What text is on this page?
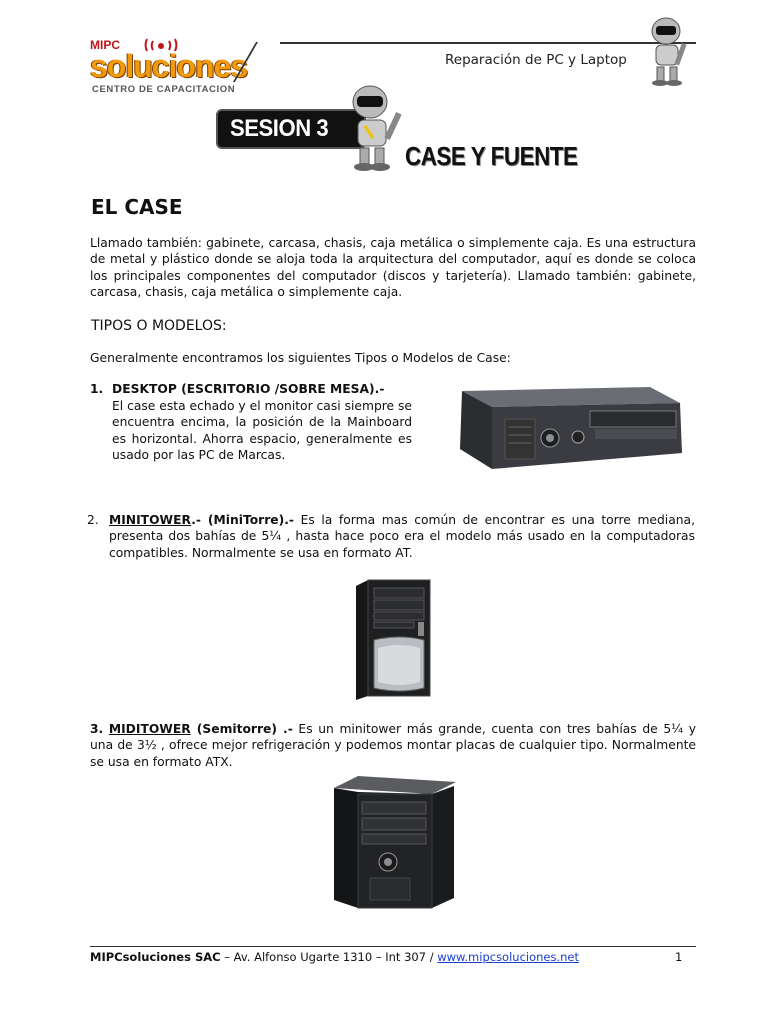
MIPC
soluciones
CENTRO DE CAPACITACION
Reparación de PC y Laptop
SESION 3
CASE Y FUENTE
EL CASE
Llamado también: gabinete, carcasa, chasis, caja metálica o simplemente caja. Es una estructura de metal y plástico donde se aloja toda la arquitectura del computador, aquí es donde se coloca los principales componentes del computador (discos y tarjetería). Llamado también: gabinete, carcasa, chasis, caja metálica o simplemente caja.
TIPOS O MODELOS:
Generalmente encontramos los siguientes Tipos o Modelos de Case:
1. DESKTOP (ESCRITORIO /SOBRE MESA).-
El case esta echado y el monitor casi siempre se encuentra encima, la posición de la Mainboard es horizontal. Ahorra espacio, generalmente es usado por las PC de Marcas.
2. MINITOWER.- (MiniTorre).- Es la forma mas común de encontrar es una torre mediana, presenta dos bahías de 5¼ , hasta hace poco era el modelo más usado en la computadoras compatibles. Normalmente se usa en formato AT.
3. MIDITOWER (Semitorre) .- Es un minitower más grande, cuenta con tres bahías de 5¼ y una de 3½ , ofrece mejor refrigeración y podemos montar placas de cualquier tipo. Normalmente se usa en formato ATX.
MIPCsoluciones SAC – Av. Alfonso Ugarte 1310 – Int 307 / www.mipcsoluciones.net	1
